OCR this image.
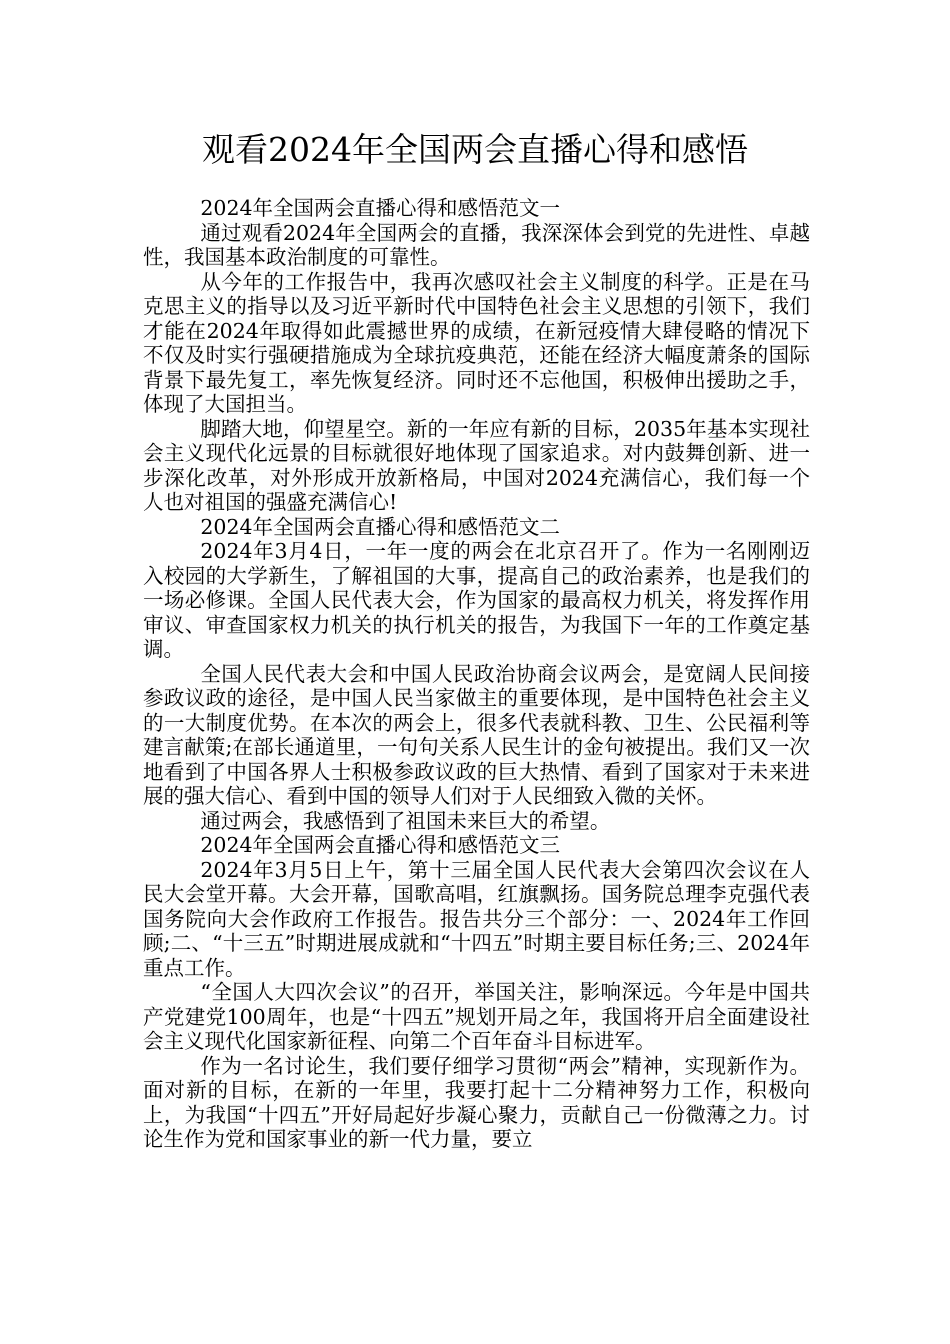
观看2024年全国两会直播心得和感悟

2024年全国两会直播心得和感悟范文一

通过观看2024年全国两会的直播，我深深体会到党的先进性、卓越性，我国基本政治制度的可靠性。

从今年的工作报告中，我再次感叹社会主义制度的科学。正是在马克思主义的指导以及习近平新时代中国特色社会主义思想的引领下，我们才能在2024年取得如此震撼世界的成绩，在新冠疫情大肆侵略的情况下不仅及时实行强硬措施成为全球抗疫典范，还能在经济大幅度萧条的国际背景下最先复工，率先恢复经济。同时还不忘他国，积极伸出援助之手，体现了大国担当。

脚踏大地，仰望星空。新的一年应有新的目标，2035年基本实现社会主义现代化远景的目标就很好地体现了国家追求。对内鼓舞创新、进一步深化改革，对外形成开放新格局，中国对2024充满信心，我们每一个人也对祖国的强盛充满信心!

2024年全国两会直播心得和感悟范文二

2024年3月4日，一年一度的两会在北京召开了。作为一名刚刚迈入校园的大学新生，了解祖国的大事，提高自己的政治素养，也是我们的一场必修课。全国人民代表大会，作为国家的最高权力机关，将发挥作用审议、审查国家权力机关的执行机关的报告，为我国下一年的工作奠定基调。

全国人民代表大会和中国人民政治协商会议两会，是宽阔人民间接参政议政的途径，是中国人民当家做主的重要体现，是中国特色社会主义的一大制度优势。在本次的两会上，很多代表就科教、卫生、公民福利等建言献策;在部长通道里，一句句关系人民生计的金句被提出。我们又一次地看到了中国各界人士积极参政议政的巨大热情、看到了国家对于未来进展的强大信心、看到中国的领导人们对于人民细致入微的关怀。

通过两会，我感悟到了祖国未来巨大的希望。

2024年全国两会直播心得和感悟范文三

2024年3月5日上午，第十三届全国人民代表大会第四次会议在人民大会堂开幕。大会开幕，国歌高唱，红旗飘扬。国务院总理李克强代表国务院向大会作政府工作报告。报告共分三个部分：一、2024年工作回顾;二、“十三五”时期进展成就和“十四五”时期主要目标任务;三、2024年重点工作。

“全国人大四次会议”的召开，举国关注，影响深远。今年是中国共产党建党100周年，也是“十四五”规划开局之年，我国将开启全面建设社会主义现代化国家新征程、向第二个百年奋斗目标进军。

作为一名讨论生，我们要仔细学习贯彻“两会”精神，实现新作为。面对新的目标，在新的一年里，我要打起十二分精神努力工作，积极向上，为我国“十四五”开好局起好步凝心聚力，贡献自己一份微薄之力。讨论生作为党和国家事业的新一代力量，要立
